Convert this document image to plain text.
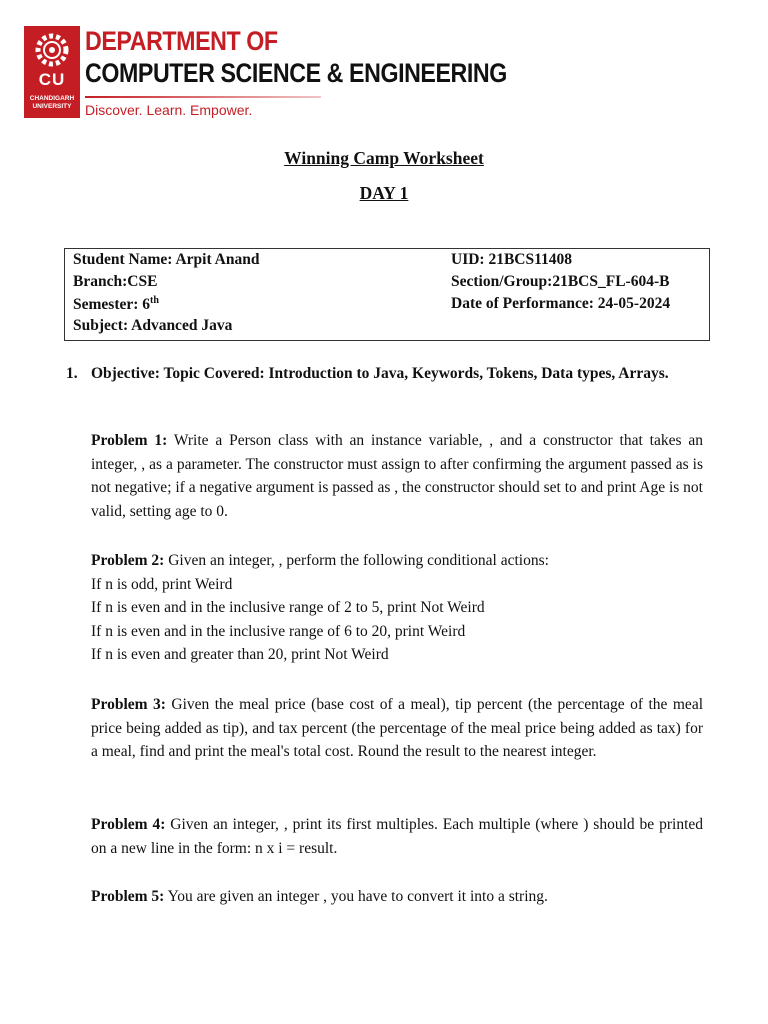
CU
CHANDIGARH UNIVERSITY
DEPARTMENT OF
COMPUTER SCIENCE & ENGINEERING
Discover. Learn. Empower.
Winning Camp Worksheet
DAY 1
Student Name: Arpit Anand	UID: 21BCS11408
Branch:CSE	Section/Group:21BCS_FL-604-B
Semester: 6th	Date of Performance: 24-05-2024
Subject: Advanced Java
1. Objective: Topic Covered: Introduction to Java, Keywords, Tokens, Data types, Arrays.
Problem 1: Write a Person class with an instance variable, , and a constructor that takes an integer, , as a parameter. The constructor must assign to after confirming the argument passed as is not negative; if a negative argument is passed as , the constructor should set to and print Age is not valid, setting age to 0.
Problem 2: Given an integer, , perform the following conditional actions:
If n is odd, print Weird
If n is even and in the inclusive range of 2 to 5, print Not Weird
If n is even and in the inclusive range of 6 to 20, print Weird
If n is even and greater than 20, print Not Weird
Problem 3: Given the meal price (base cost of a meal), tip percent (the percentage of the meal price being added as tip), and tax percent (the percentage of the meal price being added as tax) for a meal, find and print the meal's total cost. Round the result to the nearest integer.
Problem 4: Given an integer, , print its first multiples. Each multiple (where ) should be printed on a new line in the form: n x i = result.
Problem 5: You are given an integer , you have to convert it into a string.
